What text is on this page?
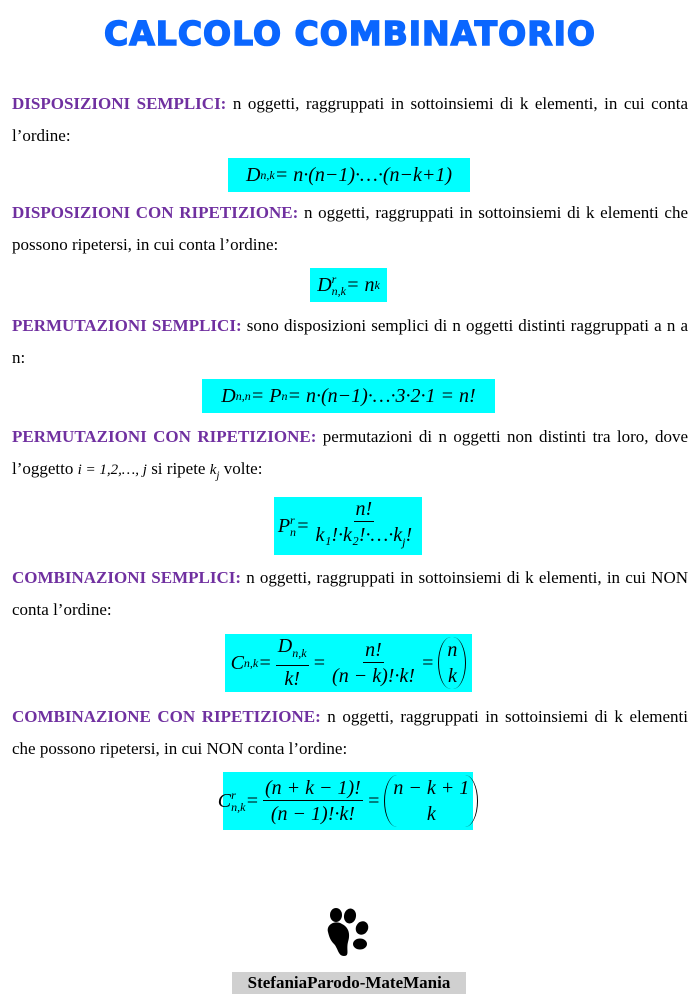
CALCOLO COMBINATORIO
DISPOSIZIONI SEMPLICI: n oggetti, raggruppati in sottoinsiemi di k elementi, in cui conta l’ordine:
D n,k = n·(n−1)·…·(n−k+1)
DISPOSIZIONI CON RIPETIZIONE: n oggetti, raggruppati in sottoinsiemi di k elementi che possono ripetersi, in cui conta l’ordine:
D r
n,k = n k
PERMUTAZIONI SEMPLICI: sono disposizioni semplici di n oggetti distinti raggruppati a n a n:
D n,n = P n = n·(n−1)·…·3·2·1 = n!
PERMUTAZIONI CON RIPETIZIONE: permutazioni di n oggetti non distinti tra loro, dove l’oggetto i = 1,2,…, j si ripete $k_j$ volte:
P r
$n = \frac{n!}{k_1!\cdot k_2!\cdot\dots\cdot k_j!}$
COMBINAZIONI SEMPLICI: n oggetti, raggruppati in sottoinsiemi di k elementi, in cui NON conta l’ordine:
C $n,k = \frac{D_{n,k}}{k!} = \frac{n!}{(n - k)!\cdot k!}$ =
n
k
COMBINAZIONE CON RIPETIZIONE: n oggetti, raggruppati in sottoinsiemi di k elementi che possono ripetersi, in cui NON conta l’ordine:
C r
$n,k = \frac{(n + k - 1)!}{(n - 1)!\cdot k!}$ =
n − k + 1
k
StefaniaParodo-MateMania
